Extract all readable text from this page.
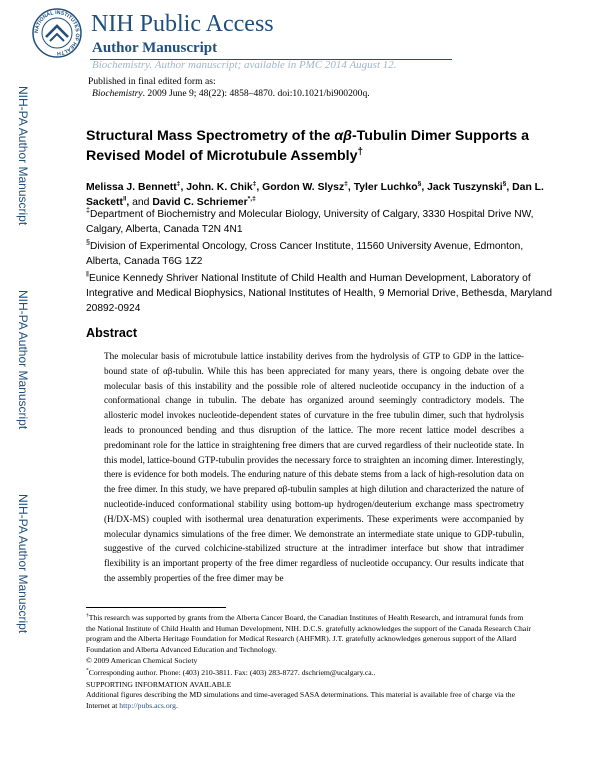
NATIONAL INSTITUTES OF HEALTH
NIH Public Access
Author Manuscript
Biochemistry. Author manuscript; available in PMC 2014 August 12.
Published in final edited form as:
Biochemistry. 2009 June 9; 48(22): 4858–4870. doi:10.1021/bi900200q.
NIH-PA Author Manuscript
NIH-PA Author Manuscript
NIH-PA Author Manuscript
Structural Mass Spectrometry of the αβ-Tubulin Dimer Supports a Revised Model of Microtubule Assembly†
Melissa J. Bennett‡, John. K. Chik‡, Gordon W. Slysz‡, Tyler Luchko§, Jack Tuszynski§, Dan L. Sackett$^ǁ$, and David C. Schriemer*,‡
‡Department of Biochemistry and Molecular Biology, University of Calgary, 3330 Hospital Drive NW, Calgary, Alberta, Canada T2N 4N1
§Division of Experimental Oncology, Cross Cancer Institute, 11560 University Avenue, Edmonton, Alberta, Canada T6G 1Z2
$^ǁ$Eunice Kennedy Shriver National Institute of Child Health and Human Development, Laboratory of Integrative and Medical Biophysics, National Institutes of Health, 9 Memorial Drive, Bethesda, Maryland 20892-0924
Abstract
The molecular basis of microtubule lattice instability derives from the hydrolysis of GTP to GDP in the lattice-bound state of αβ-tubulin. While this has been appreciated for many years, there is ongoing debate over the molecular basis of this instability and the possible role of altered nucleotide occupancy in the induction of a conformational change in tubulin. The debate has organized around seemingly contradictory models. The allosteric model invokes nucleotide-dependent states of curvature in the free tubulin dimer, such that hydrolysis leads to pronounced bending and thus disruption of the lattice. The more recent lattice model describes a predominant role for the lattice in straightening free dimers that are curved regardless of their nucleotide state. In this model, lattice-bound GTP-tubulin provides the necessary force to straighten an incoming dimer. Interestingly, there is evidence for both models. The enduring nature of this debate stems from a lack of high-resolution data on the free dimer. In this study, we have prepared αβ-tubulin samples at high dilution and characterized the nature of nucleotide-induced conformational stability using bottom-up hydrogen/deuterium exchange mass spectrometry (H/DX-MS) coupled with isothermal urea denaturation experiments. These experiments were accompanied by molecular dynamics simulations of the free dimer. We demonstrate an intermediate state unique to GDP-tubulin, suggestive of the curved colchicine-stabilized structure at the intradimer interface but show that intradimer flexibility is an important property of the free dimer regardless of nucleotide occupancy. Our results indicate that the assembly properties of the free dimer may be

†This research was supported by grants from the Alberta Cancer Board, the Canadian Institutes of Health Research, and intramural funds from the National Institute of Child Health and Human Development, NIH. D.C.S. gratefully acknowledges the support of the Canada Research Chair program and the Alberta Heritage Foundation for Medical Research (AHFMR). J.T. gratefully acknowledges generous support of the Allard Foundation and Alberta Advanced Education and Technology.

© 2009 American Chemical Society

*Corresponding author. Phone: (403) 210-3811. Fax: (403) 283-8727. dschriem@ucalgary.ca..

SUPPORTING INFORMATION AVAILABLE

Additional figures describing the MD simulations and time-averaged SASA determinations. This material is available free of charge via the Internet at http://pubs.acs.org.
